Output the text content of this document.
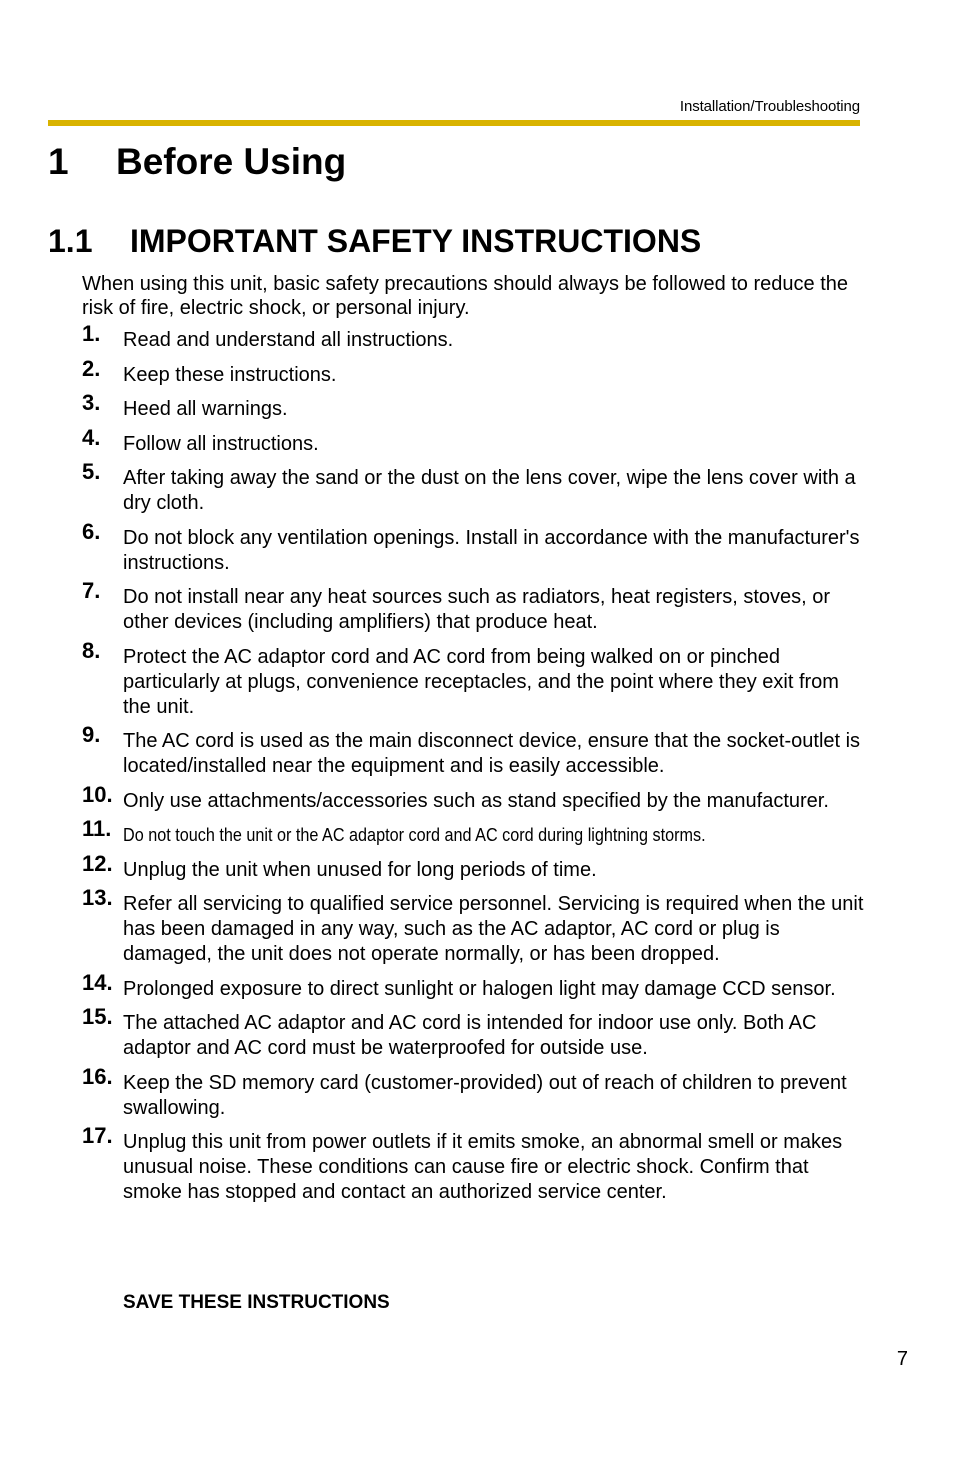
Installation/Troubleshooting
1 Before Using
1.1 IMPORTANT SAFETY INSTRUCTIONS
When using this unit, basic safety precautions should always be followed to reduce the risk of fire, electric shock, or personal injury.
1.	Read and understand all instructions.
2.	Keep these instructions.
3.	Heed all warnings.
4.	Follow all instructions.
5.	After taking away the sand or the dust on the lens cover, wipe the lens cover with a dry cloth.
6.	Do not block any ventilation openings. Install in accordance with the manufacturer's instructions.
7.	Do not install near any heat sources such as radiators, heat registers, stoves, or other devices (including amplifiers) that produce heat.
8.	Protect the AC adaptor cord and AC cord from being walked on or pinched particularly at plugs, convenience receptacles, and the point where they exit from the unit.
9.	The AC cord is used as the main disconnect device, ensure that the socket-outlet is located/installed near the equipment and is easily accessible.
10. Only use attachments/accessories such as stand specified by the manufacturer.
11. Do not touch the unit or the AC adaptor cord and AC cord during lightning storms.
12. Unplug the unit when unused for long periods of time.
13. Refer all servicing to qualified service personnel. Servicing is required when the unit has been damaged in any way, such as the AC adaptor, AC cord or plug is damaged, the unit does not operate normally, or has been dropped.
14. Prolonged exposure to direct sunlight or halogen light may damage CCD sensor.
15. The attached AC adaptor and AC cord is intended for indoor use only. Both AC adaptor and AC cord must be waterproofed for outside use.
16. Keep the SD memory card (customer-provided) out of reach of children to prevent swallowing.
17. Unplug this unit from power outlets if it emits smoke, an abnormal smell or makes unusual noise. These conditions can cause fire or electric shock. Confirm that smoke has stopped and contact an authorized service center.
SAVE THESE INSTRUCTIONS
7
